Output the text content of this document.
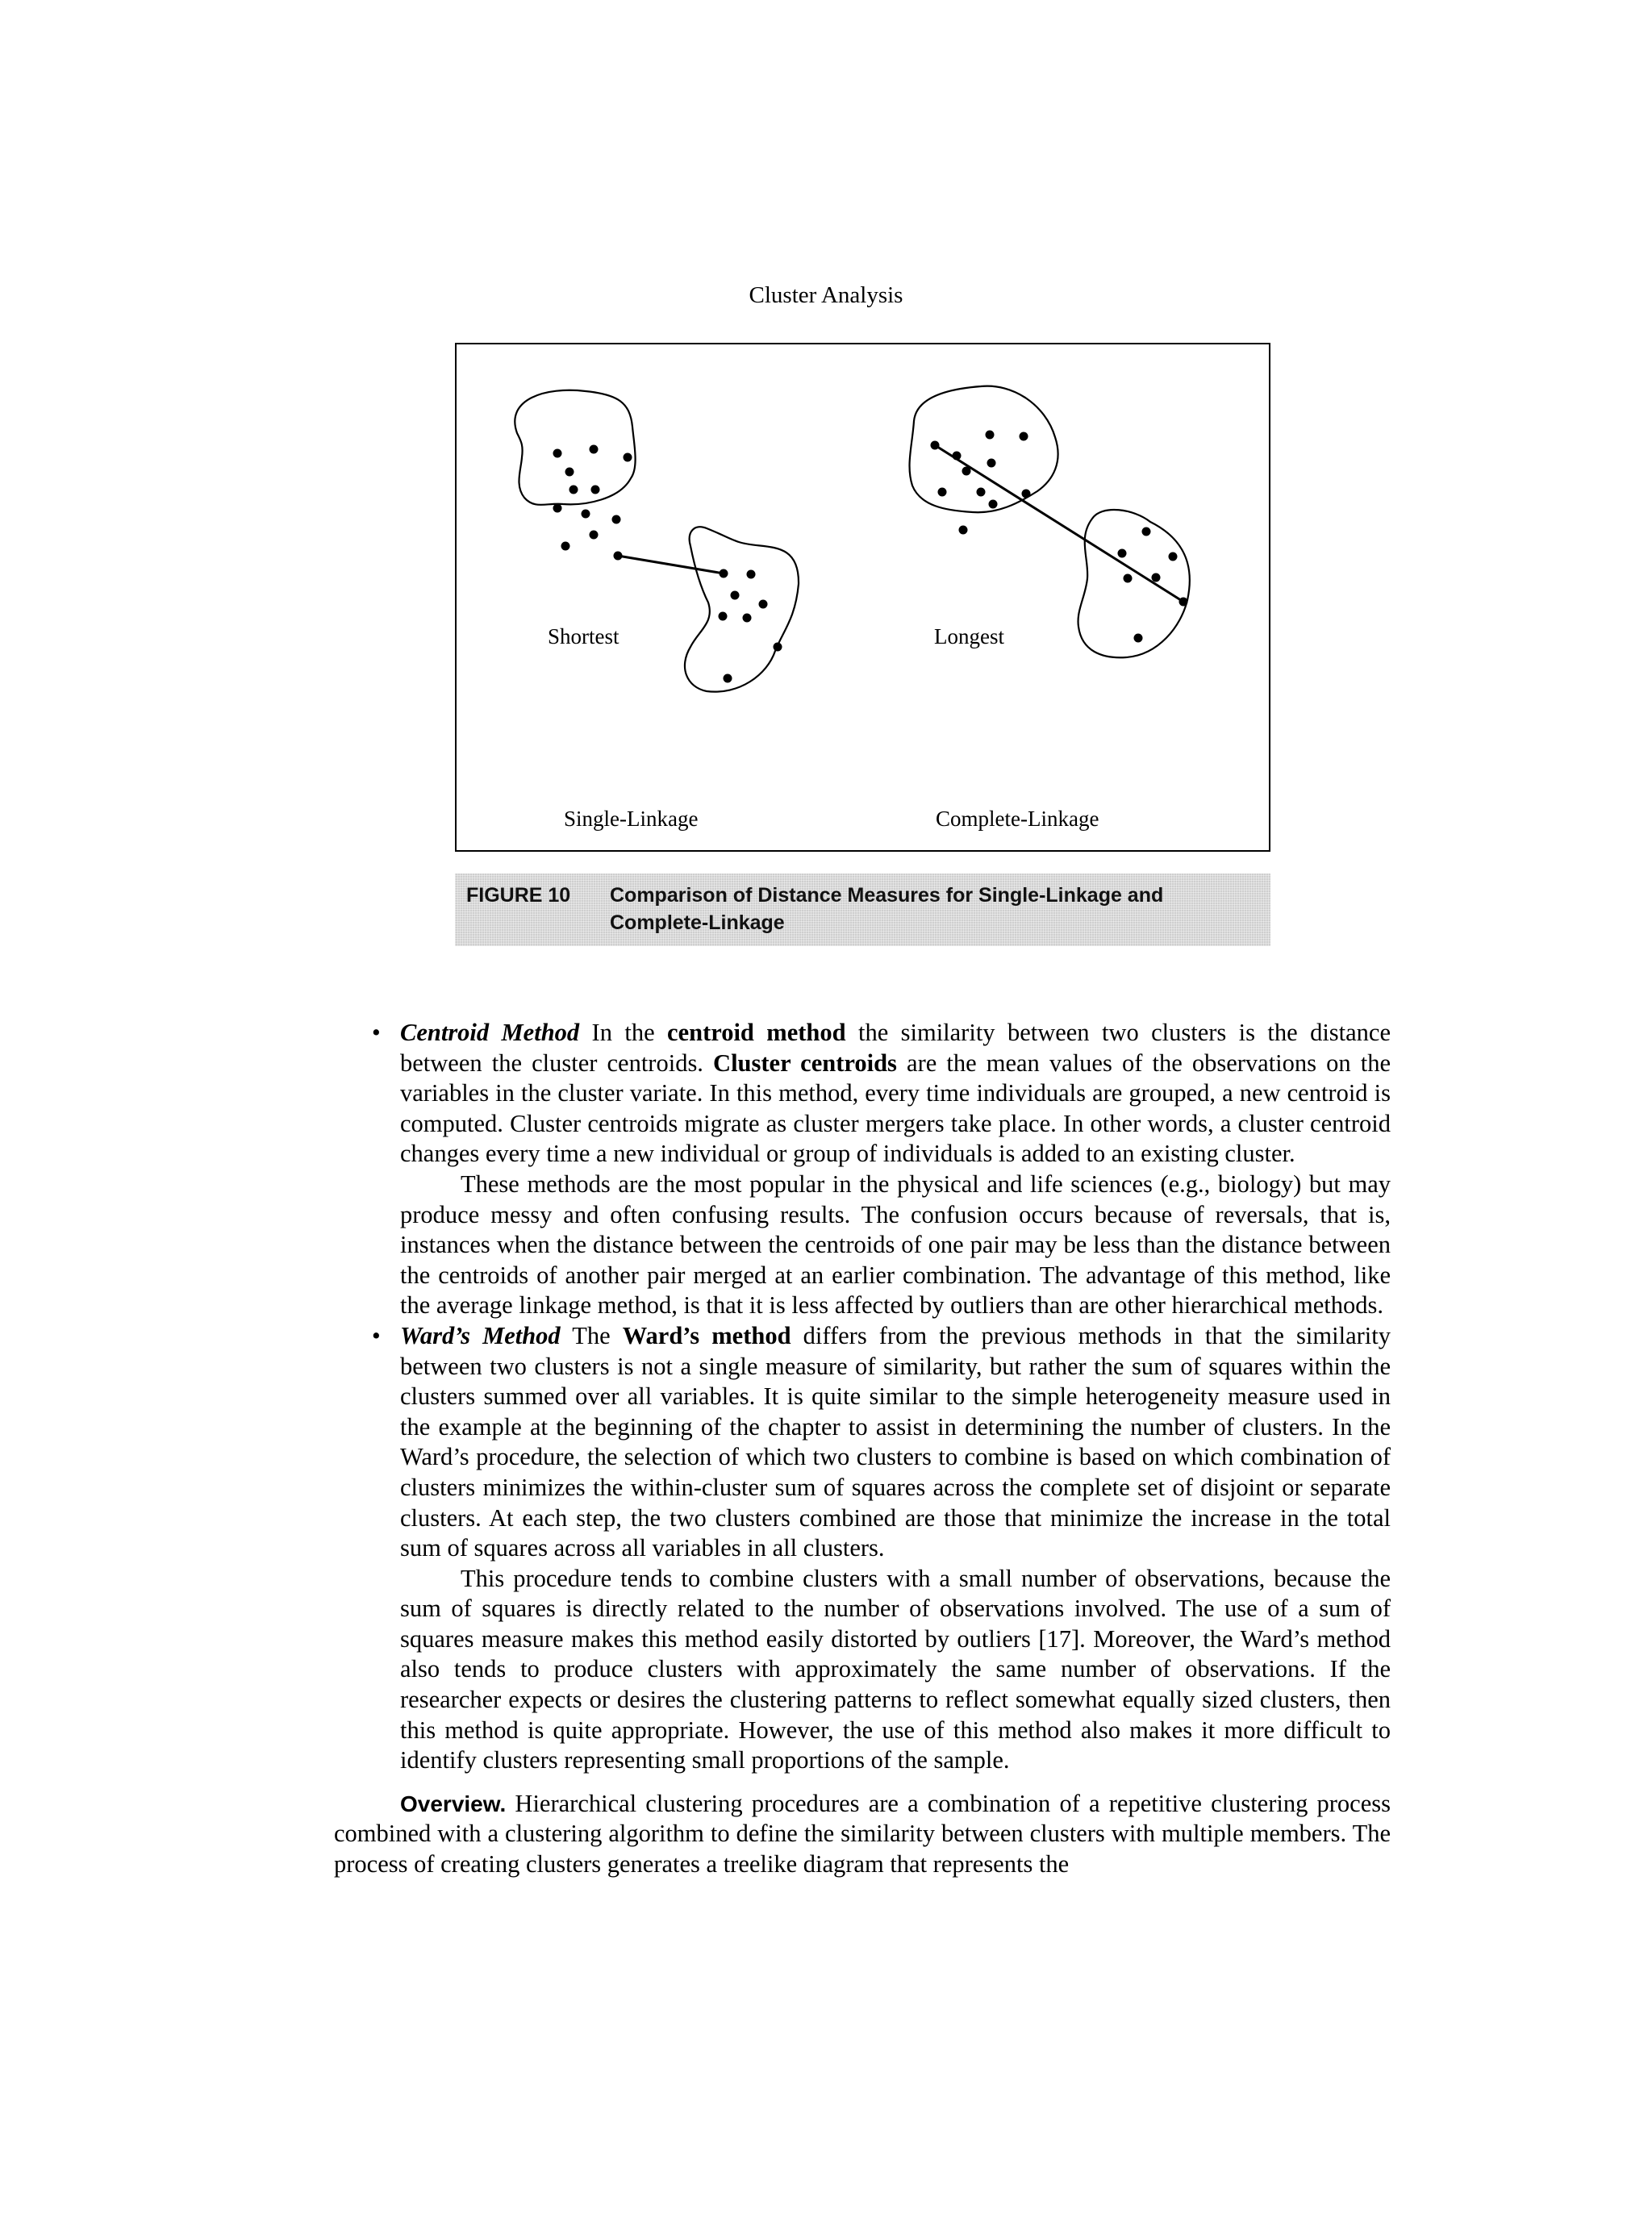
Cluster Analysis
Shortest	Longest
Single-Linkage	Complete-Linkage
FIGURE 10	Comparison of Distance Measures for Single-Linkage and Complete-Linkage
• Centroid Method In the centroid method the similarity between two clusters is the distance between the cluster centroids. Cluster centroids are the mean values of the observations on the variables in the cluster variate. In this method, every time individuals are grouped, a new centroid is computed. Cluster centroids migrate as cluster mergers take place. In other words, a cluster centroid changes every time a new individual or group of individuals is added to an existing cluster.

These methods are the most popular in the physical and life sciences (e.g., biology) but may produce messy and often confusing results. The confusion occurs because of reversals, that is, instances when the distance between the centroids of one pair may be less than the distance between the centroids of another pair merged at an earlier combination. The advantage of this method, like the average linkage method, is that it is less affected by outliers than are other hierarchical methods.

• Ward’s Method The Ward’s method differs from the previous methods in that the similarity between two clusters is not a single measure of similarity, but rather the sum of squares within the clusters summed over all variables. It is quite similar to the simple heterogeneity measure used in the example at the beginning of the chapter to assist in determining the number of clusters. In the Ward’s procedure, the selection of which two clusters to combine is based on which combination of clusters minimizes the within-cluster sum of squares across the complete set of disjoint or separate clusters. At each step, the two clusters combined are those that minimize the increase in the total sum of squares across all variables in all clusters.

This procedure tends to combine clusters with a small number of observations, because the sum of squares is directly related to the number of observations involved. The use of a sum of squares measure makes this method easily distorted by outliers [17]. Moreover, the Ward’s method also tends to produce clusters with approximately the same number of observations. If the researcher expects or desires the clustering patterns to reflect somewhat equally sized clusters, then this method is quite appropriate. However, the use of this method also makes it more difficult to identify clusters representing small proportions of the sample.

Overview. Hierarchical clustering procedures are a combination of a repetitive clustering process combined with a clustering algorithm to define the similarity between clusters with multiple members. The process of creating clusters generates a treelike diagram that represents the
